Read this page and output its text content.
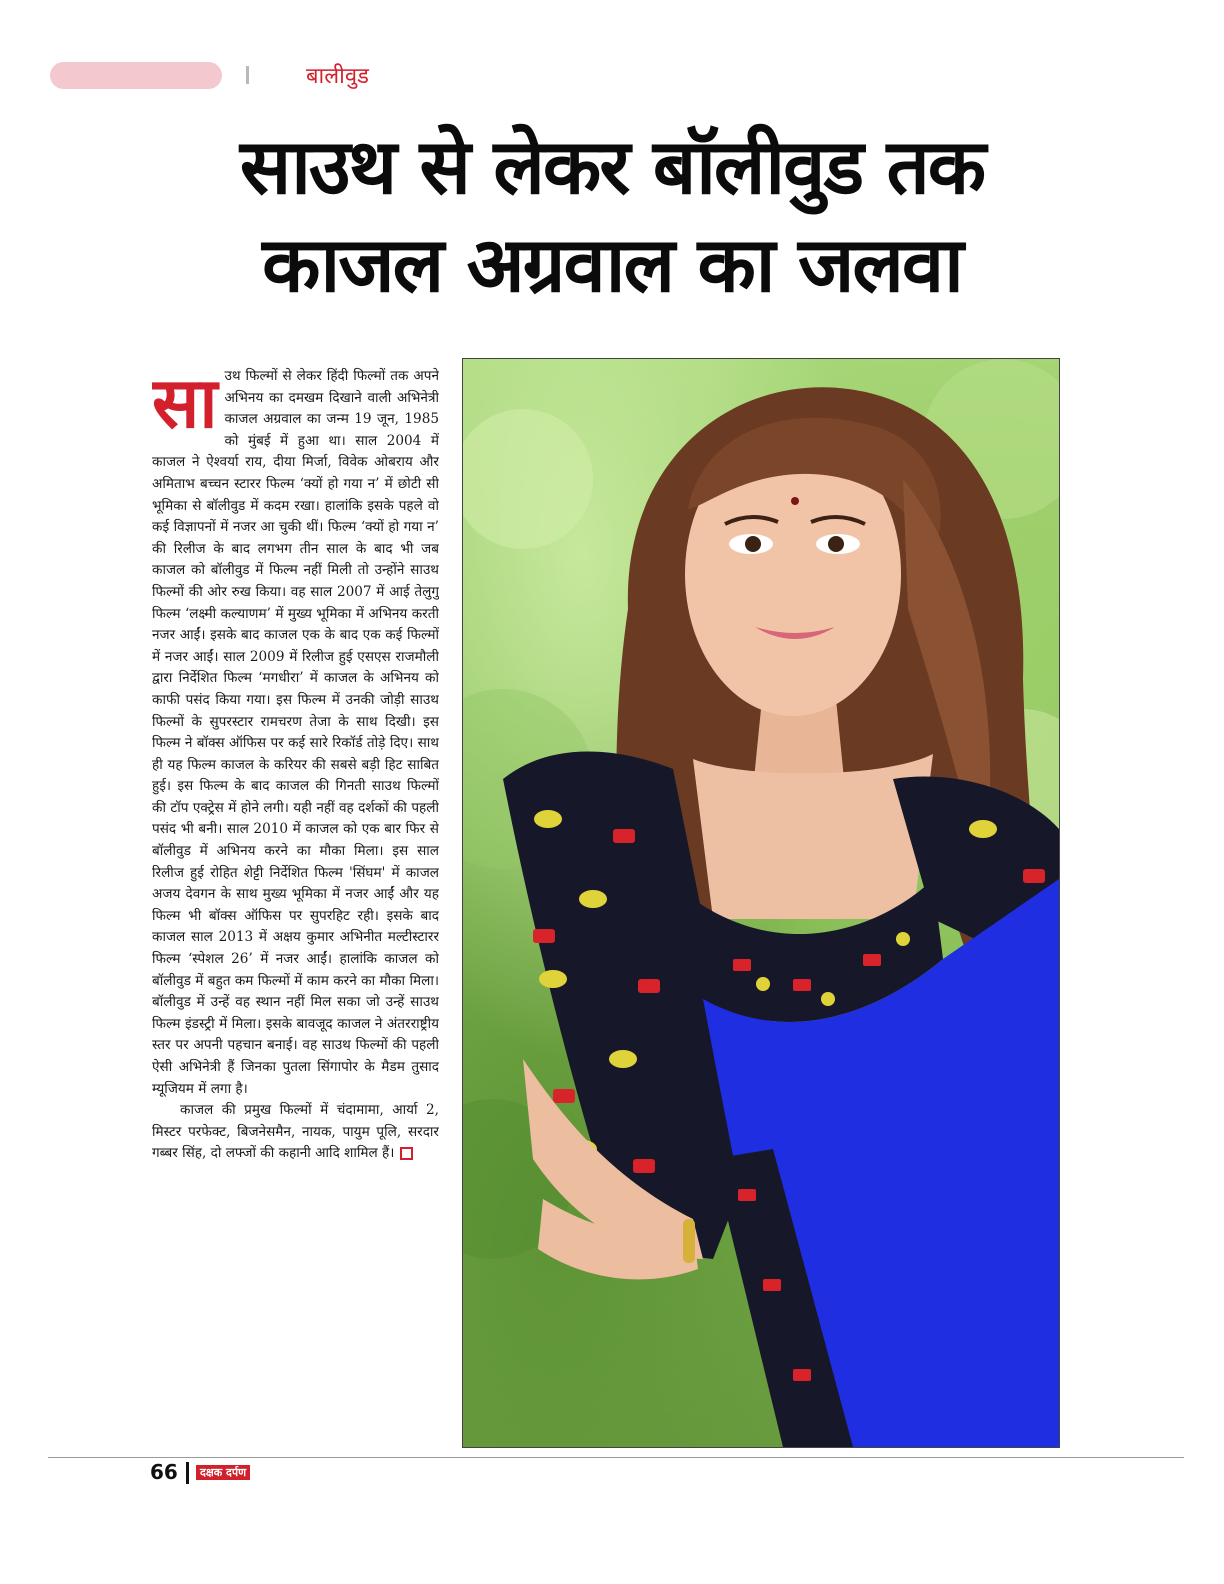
बालीवुड
साउथ से लेकर बॉलीवुड तक
काजल अग्रवाल का जलवा

सा उथ फिल्मों से लेकर हिंदी फिल्मों तक अपने अभिनय का दमखम दिखाने वाली अभिनेत्री काजल अग्रवाल का जन्म 19 जून, 1985 को मुंबई में हुआ था। साल 2004 में काजल ने ऐश्वर्या राय, दीया मिर्जा, विवेक ओबराय और अमिताभ बच्चन स्टारर फिल्म ‘क्यों हो गया न’ में छोटी सी भूमिका से बॉलीवुड में कदम रखा। हालांकि इसके पहले वो कई विज्ञापनों में नजर आ चुकी थीं। फिल्म ‘क्यों हो गया न’ की रिलीज के बाद लगभग तीन साल के बाद भी जब काजल को बॉलीवुड में फिल्म नहीं मिली तो उन्होंने साउथ फिल्मों की ओर रुख किया। वह साल 2007 में आई तेलुगु फिल्म ‘लक्ष्मी कल्याणम’ में मुख्य भूमिका में अभिनय करती नजर आईं। इसके बाद काजल एक के बाद एक कई फिल्मों में नजर आईं। साल 2009 में रिलीज हुई एसएस राजमौली द्वारा निर्देशित फिल्म ‘मगधीरा’ में काजल के अभिनय को काफी पसंद किया गया। इस फिल्म में उनकी जोड़ी साउथ फिल्मों के सुपरस्टार रामचरण तेजा के साथ दिखी। इस फिल्म ने बॉक्स ऑफिस पर कई सारे रिकॉर्ड तोड़े दिए। साथ ही यह फिल्म काजल के करियर की सबसे बड़ी हिट साबित हुई। इस फिल्म के बाद काजल की गिनती साउथ फिल्मों की टॉप एक्ट्रेस में होने लगी। यही नहीं वह दर्शकों की पहली पसंद भी बनी। साल 2010 में काजल को एक बार फिर से बॉलीवुड में अभिनय करने का मौका मिला। इस साल रिलीज हुई रोहित शेट्टी निर्देशित फिल्म 'सिंघम' में काजल अजय देवगन के साथ मुख्य भूमिका में नजर आईं और यह फिल्म भी बॉक्स ऑफिस पर सुपरहिट रही। इसके बाद काजल साल 2013 में अक्षय कुमार अभिनीत मल्टीस्टारर फिल्म ‘स्पेशल 26’ में नजर आईं। हालांकि काजल को बॉलीवुड में बहुत कम फिल्मों में काम करने का मौका मिला। बॉलीवुड में उन्हें वह स्थान नहीं मिल सका जो उन्हें साउथ फिल्म इंडस्ट्री में मिला। इसके बावजूद काजल ने अंतरराष्ट्रीय स्तर पर अपनी पहचान बनाई। वह साउथ फिल्मों की पहली ऐसी अभिनेत्री हैं जिनका पुतला सिंगापोर के मैडम तुसाद म्यूजियम में लगा है।

काजल की प्रमुख फिल्मों में चंदामामा, आर्या 2, मिस्टर परफेक्ट, बिजनेसमैन, नायक, पायुम पूलि, सरदार गब्बर सिंह, दो लफ्जों की कहानी आदि शामिल हैं।

66	दक्षक दर्पण
